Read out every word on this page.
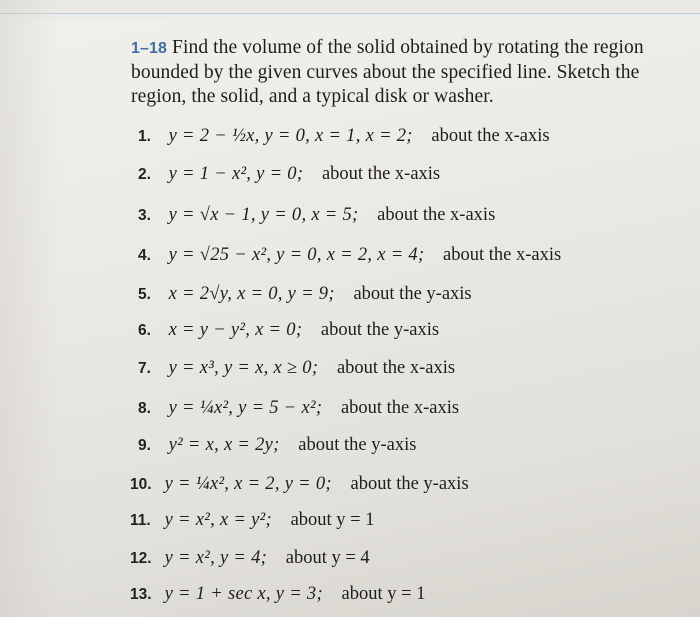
1–18 Find the volume of the solid obtained by rotating the region bounded by the given curves about the specified line. Sketch the region, the solid, and a typical disk or washer.
1. y = 2 − ½x, y = 0, x = 1, x = 2; about the x-axis
2. y = 1 − x², y = 0; about the x-axis
3. y = √x − 1, y = 0, x = 5; about the x-axis
4. y = √25 − x², y = 0, x = 2, x = 4; about the x-axis
5. x = 2√y, x = 0, y = 9; about the y-axis
6. x = y − y², x = 0; about the y-axis
7. y = x³, y = x, x ≥ 0; about the x-axis
8. y = ¼x², y = 5 − x²; about the x-axis
9. y² = x, x = 2y; about the y-axis
10. y = ¼x², x = 2, y = 0; about the y-axis
11. y = x², x = y²; about y = 1
12. y = x², y = 4; about y = 4
13. y = 1 + sec x, y = 3; about y = 1
